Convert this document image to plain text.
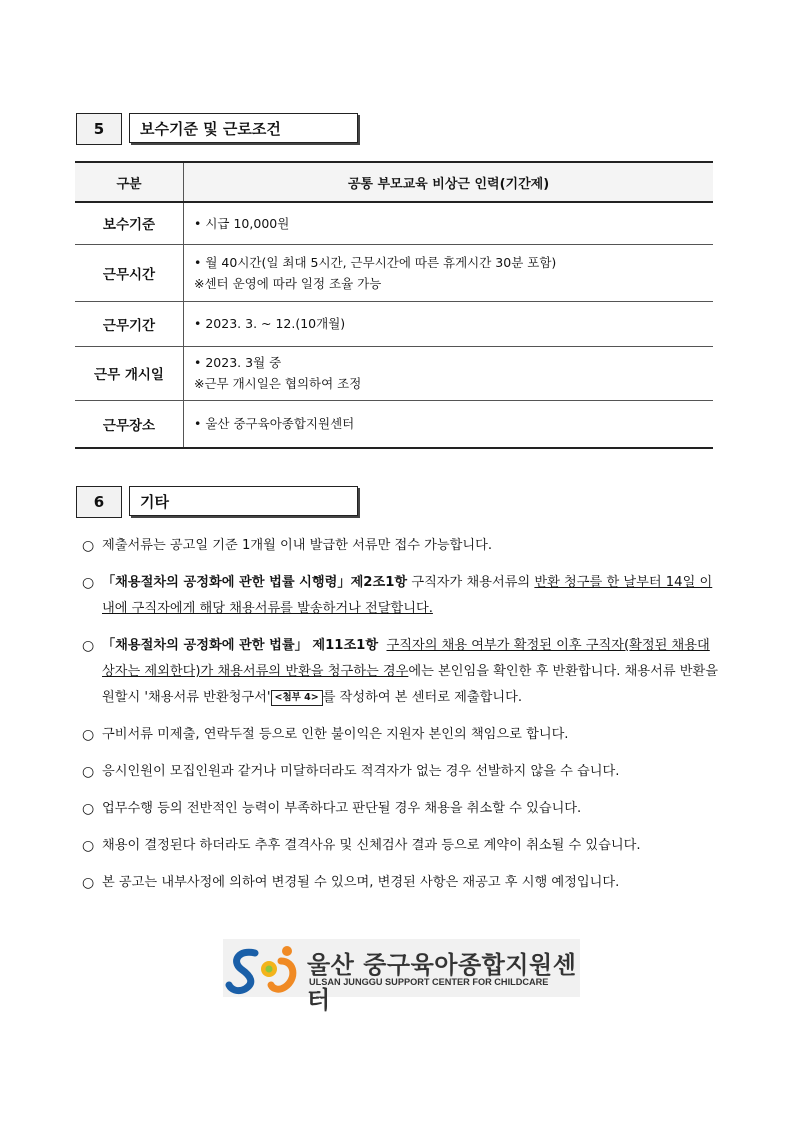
5	보수기준 및 근로조건
구분	공통 부모교육 비상근 인력(기간제)
보수기준	• 시급 10,000원

근무시간	• 월 40시간(일 최대 5시간, 근무시간에 따른 휴게시간 30분 포함)
※센터 운영에 따라 일정 조율 가능

근무기간	• 2023. 3. ~ 12.(10개월)

근무 개시일	• 2023. 3월 중
※근무 개시일은 협의하여 조정

근무장소	• 울산 중구육아종합지원센터
6	기타
○ 제출서류는 공고일 기준 1개월 이내 발급한 서류만 접수 가능합니다.
○ 「채용절차의 공정화에 관한 법률 시행령」제2조1항 구직자가 채용서류의 반환 청구를 한 날부터 14일 이내에 구직자에게 해당 채용서류를 발송하거나 전달합니다.
○ 「채용절차의 공정화에 관한 법률」 제11조1항 구직자의 채용 여부가 확정된 이후 구직자(확정된 채용대상자는 제외한다)가 채용서류의 반환을 청구하는 경우에는 본인임을 확인한 후 반환합니다. 채용서류 반환을 원할시 '채용서류 반환청구서' <첨부 4> 를 작성하여 본 센터로 제출합니다.
○ 구비서류 미제출, 연락두절 등으로 인한 불이익은 지원자 본인의 책임으로 합니다.
○ 응시인원이 모집인원과 같거나 미달하더라도 적격자가 없는 경우 선발하지 않을 수 습니다.
○ 업무수행 등의 전반적인 능력이 부족하다고 판단될 경우 채용을 취소할 수 있습니다.
○ 채용이 결정된다 하더라도 추후 결격사유 및 신체검사 결과 등으로 계약이 취소될 수 있습니다.
○ 본 공고는 내부사정에 의하여 변경될 수 있으며, 변경된 사항은 재공고 후 시행 예정입니다.
울산 중구육아종합지원센터
ULSAN JUNGGU SUPPORT CENTER FOR CHILDCARE
